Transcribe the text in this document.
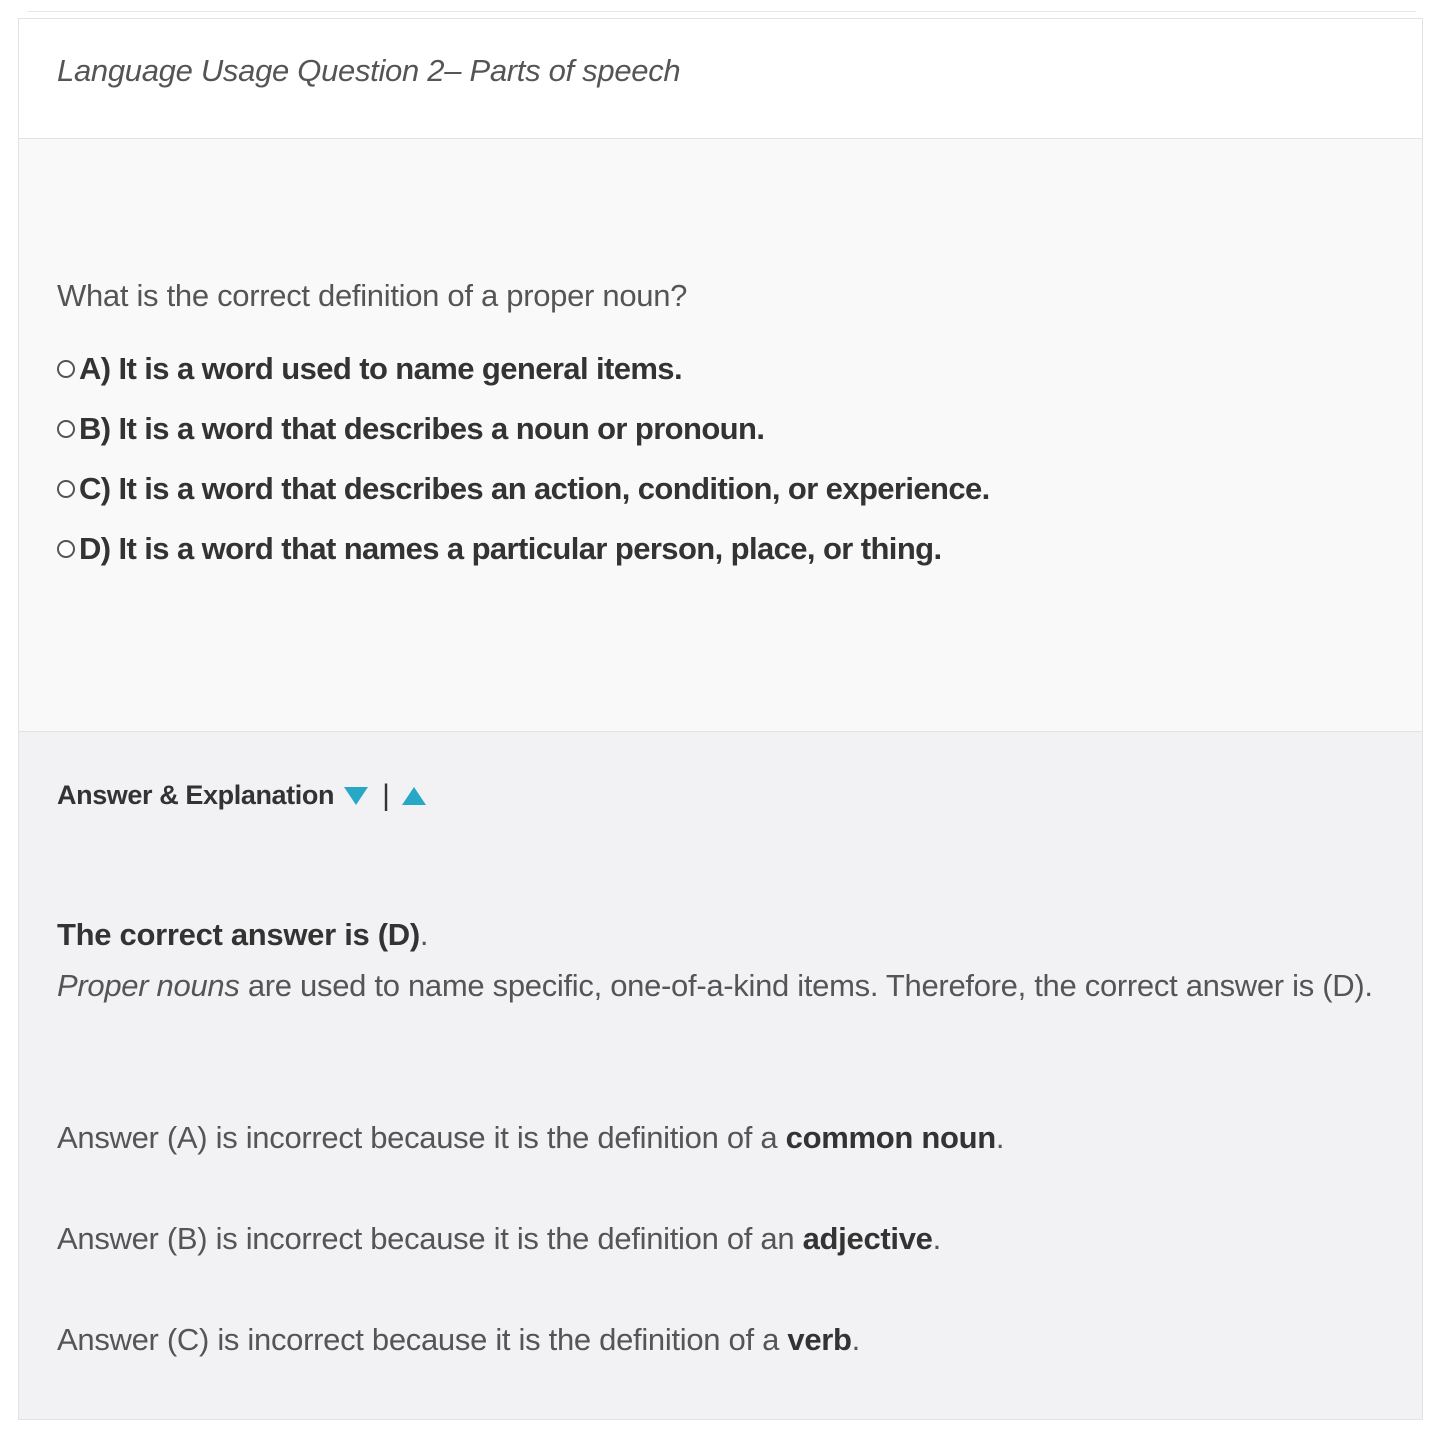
Language Usage Question 2– Parts of speech
What is the correct definition of a proper noun?
A) It is a word used to name general items.
B) It is a word that describes a noun or pronoun.
C) It is a word that describes an action, condition, or experience.
D) It is a word that names a particular person, place, or thing.
Answer & Explanation |
The correct answer is (D).
Proper nouns are used to name specific, one-of-a-kind items. Therefore, the correct answer is (D).
Answer (A) is incorrect because it is the definition of a common noun.
Answer (B) is incorrect because it is the definition of an adjective.
Answer (C) is incorrect because it is the definition of a verb.
